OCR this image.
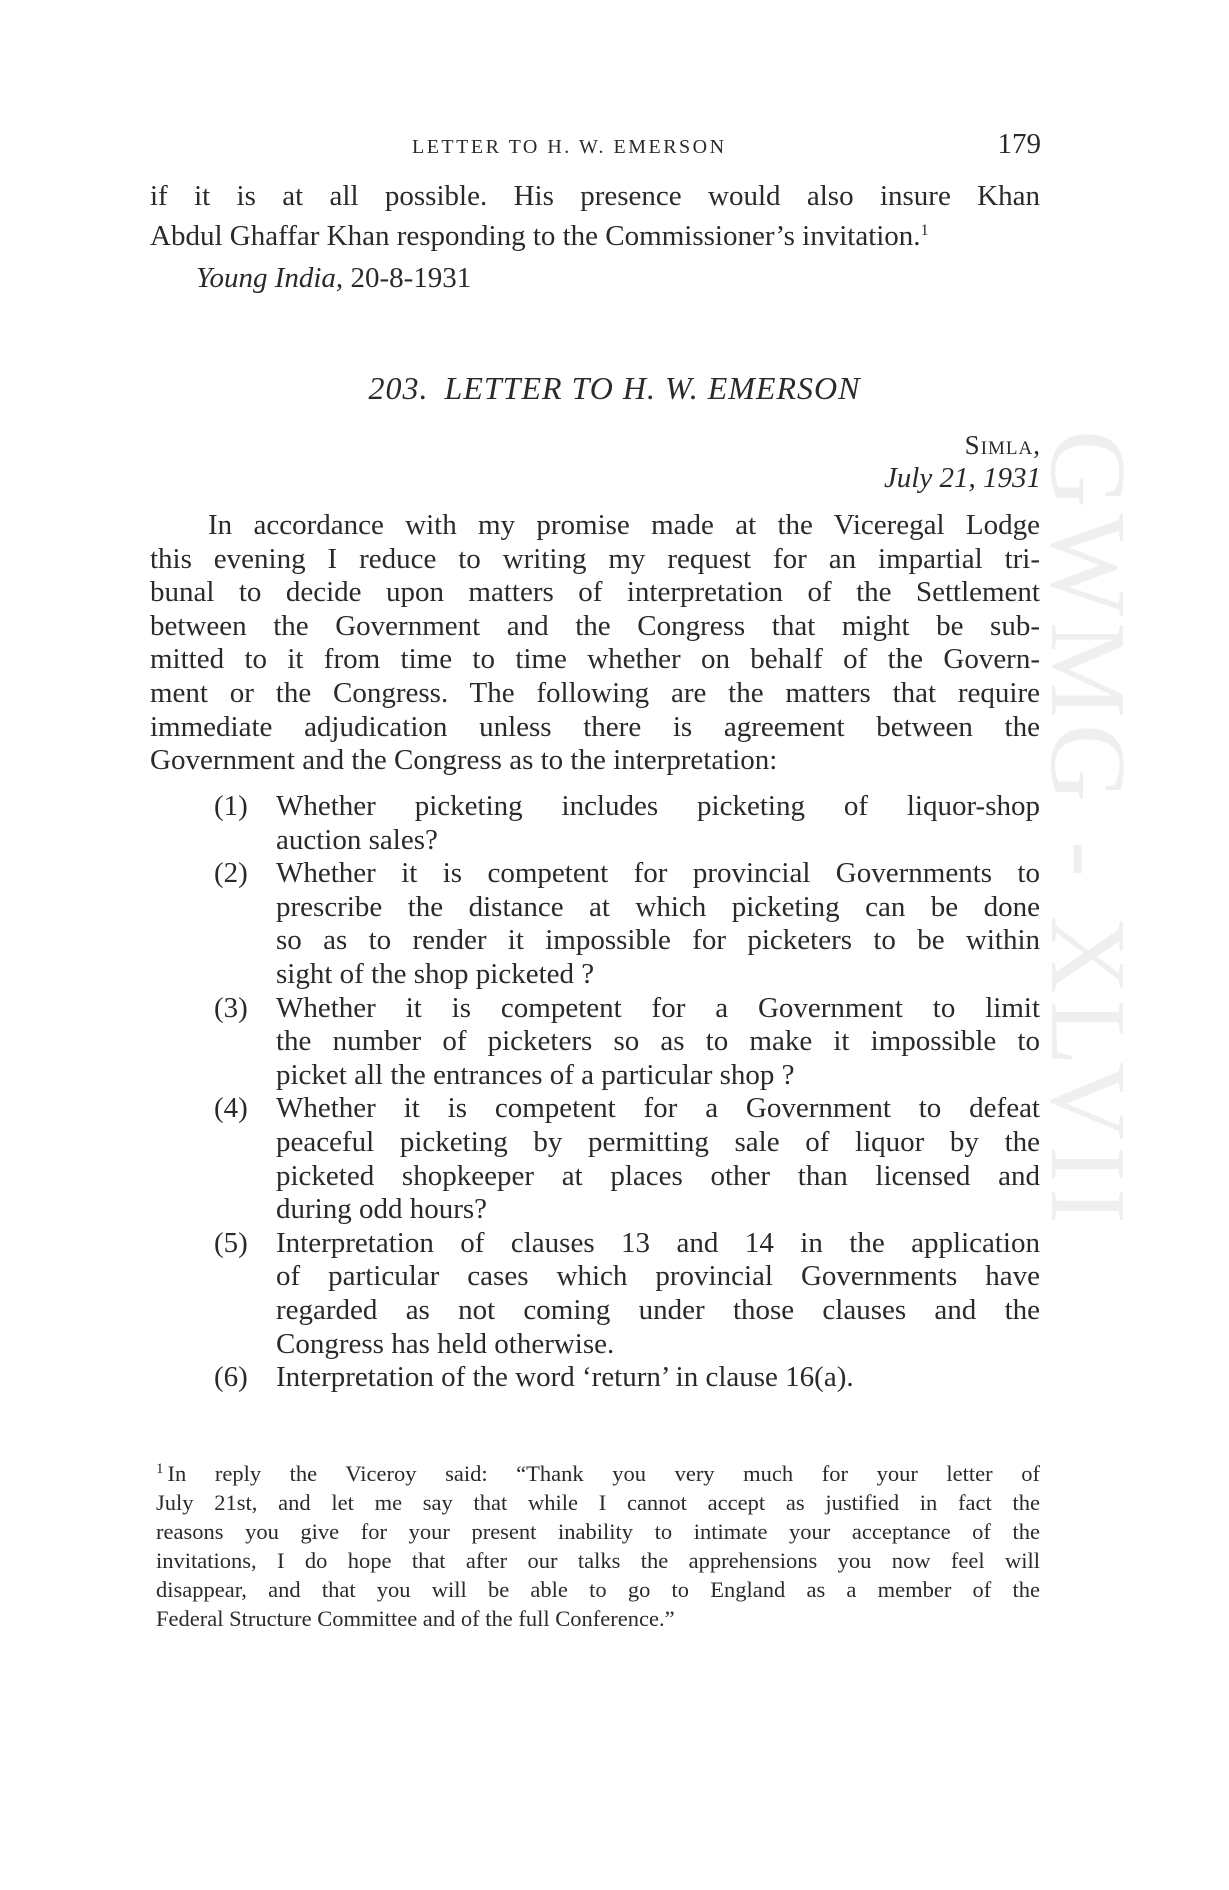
GWMG - XLVII
LETTER TO H. W. EMERSON	179
if it is at all possible. His presence would also insure Khan
Abdul Ghaffar Khan responding to the Commissioner’s invitation.$^1$
Young India, 20-8-1931
203. LETTER TO H. W. EMERSON
Simla,
July 21, 1931
In accordance with my promise made at the Viceregal Lodge
this evening I reduce to writing my request for an impartial tri-
bunal to decide upon matters of interpretation of the Settlement
between the Government and the Congress that might be sub-
mitted to it from time to time whether on behalf of the Govern-
ment or the Congress. The following are the matters that require
immediate adjudication unless there is agreement between the
Government and the Congress as to the interpretation:
(1) Whether picketing includes picketing of liquor-shop
auction sales?
(2) Whether it is competent for provincial Governments to
prescribe the distance at which picketing can be done
so as to render it impossible for picketers to be within
sight of the shop picketed ?
(3) Whether it is competent for a Government to limit
the number of picketers so as to make it impossible to
picket all the entrances of a particular shop ?
(4) Whether it is competent for a Government to defeat
peaceful picketing by permitting sale of liquor by the
picketed shopkeeper at places other than licensed and
during odd hours?
(5) Interpretation of clauses 13 and 14 in the application
of particular cases which provincial Governments have
regarded as not coming under those clauses and the
Congress has held otherwise.
(6) Interpretation of the word ‘return’ in clause 16(a).
$^1$ In reply the Viceroy said: “Thank you very much for your letter of
July 21st, and let me say that while I cannot accept as justified in fact the
reasons you give for your present inability to intimate your acceptance of the
invitations, I do hope that after our talks the apprehensions you now feel will
disappear, and that you will be able to go to England as a member of the
Federal Structure Committee and of the full Conference.”
